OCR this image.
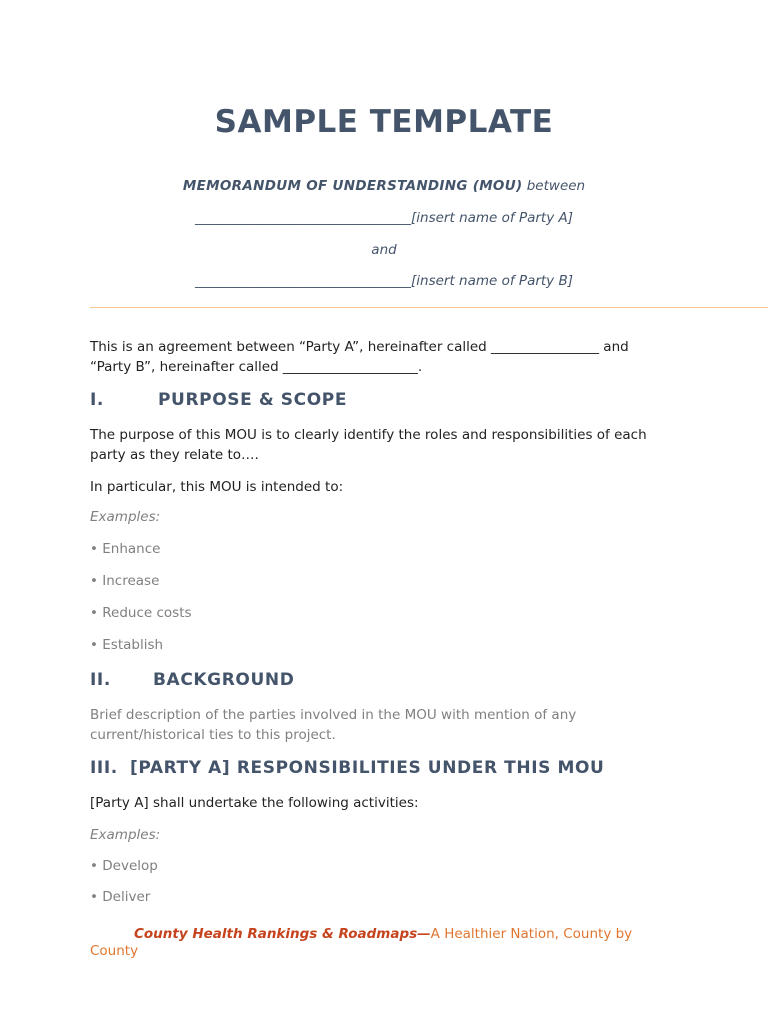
SAMPLE TEMPLATE
MEMORANDUM OF UNDERSTANDING (MOU) between
________________________________[insert name of Party A]
and
________________________________[insert name of Party B]
This is an agreement between “Party A”, hereinafter called ________________ and “Party B”, hereinafter called ____________________.
I.	PURPOSE & SCOPE
The purpose of this MOU is to clearly identify the roles and responsibilities of each party as they relate to….
In particular, this MOU is intended to:
Examples:
• Enhance
• Increase
• Reduce costs
• Establish
II. BACKGROUND
Brief description of the parties involved in the MOU with mention of any current/historical ties to this project.
III. [PARTY A] RESPONSIBILITIES UNDER THIS MOU
[Party A] shall undertake the following activities:
Examples:
• Develop
• Deliver
County Health Rankings & Roadmaps—A Healthier Nation, County by County
